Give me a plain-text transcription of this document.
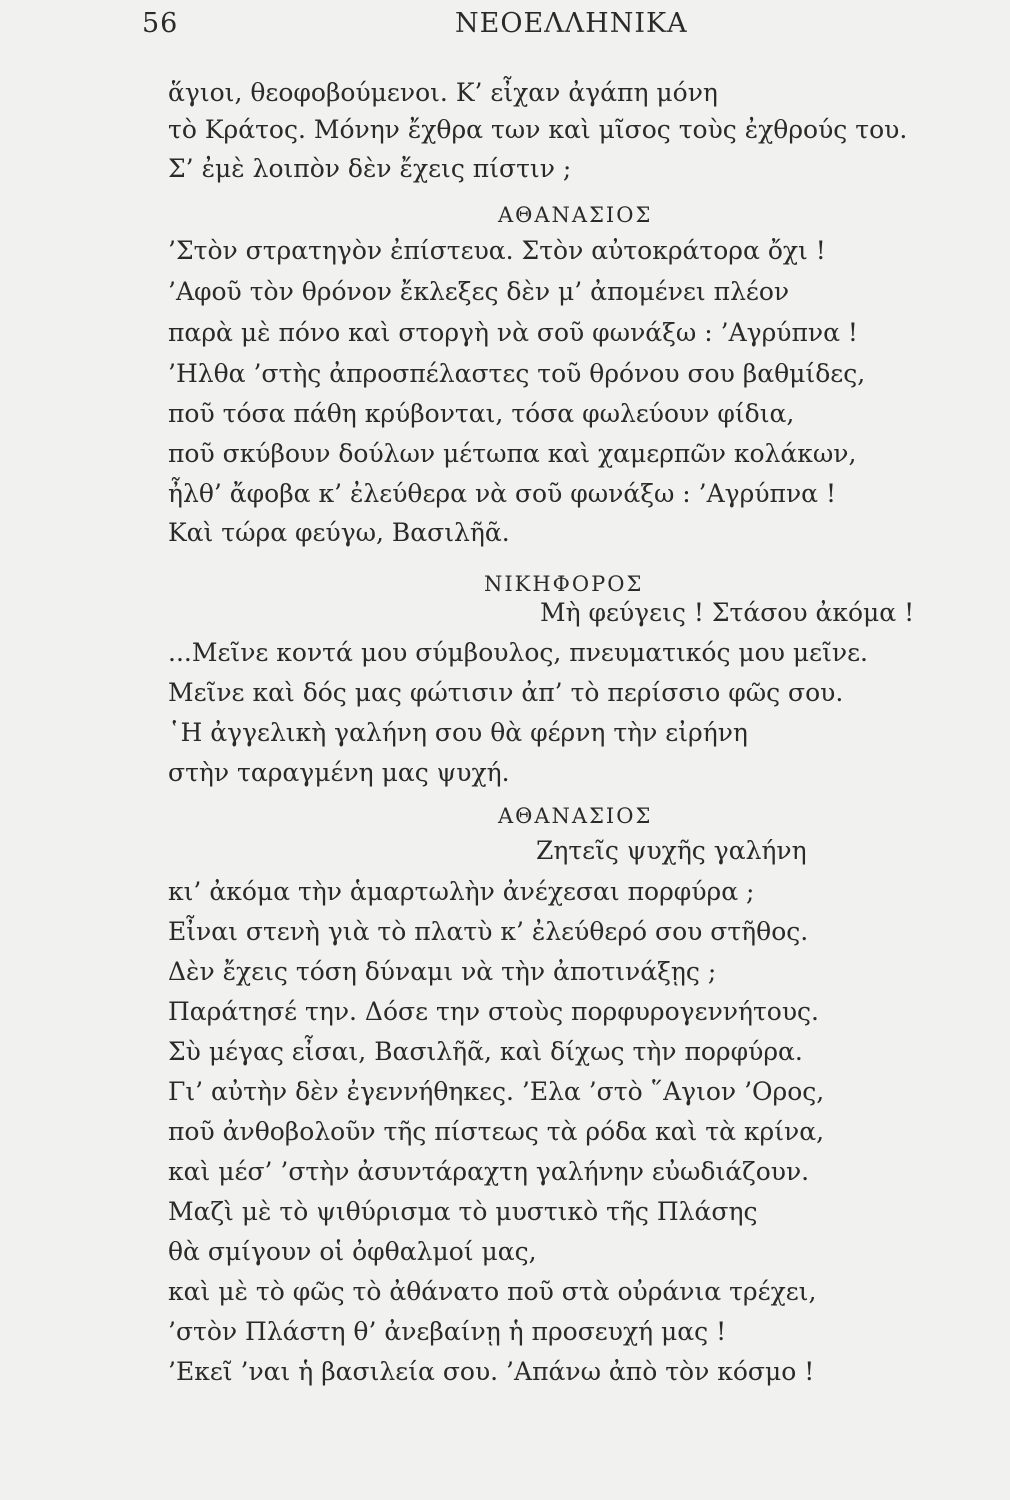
56	ΝΕΟΕΛΛΗΝΙΚΑ
ἅγιοι, θεοφοβούμενοι. Κ’ εἶχαν ἀγάπη μόνη
τὸ Κράτος. Μόνην ἔχθρα των καὶ μῖσος τοὺς ἐχθρούς του.
Σ’ ἐμὲ λοιπὸν δὲν ἔχεις πίστιν ;
ΑΘΑΝΑΣΙΟΣ
’Στὸν στρατηγὸν ἐπίστευα. Στὸν αὐτοκράτορα ὄχι !
’Αφοῦ τὸν θρόνον ἔκλεξες δὲν μ’ ἀπομένει πλέον
παρὰ μὲ πόνο καὶ στοργὴ νὰ σοῦ φωνάξω : ’Αγρύπνα !
’Ηλθα ’στὴς ἀπροσπέλαστες τοῦ θρόνου σου βαθμίδες,
ποῦ τόσα πάθη κρύβονται, τόσα φωλεύουν φίδια,
ποῦ σκύβουν δούλων μέτωπα καὶ χαμερπῶν κολάκων,
ἦλθ’ ἄφοβα κ’ ἐλεύθερα νὰ σοῦ φωνάξω : ’Αγρύπνα !
Καὶ τώρα φεύγω, Βασιλῆᾶ.
ΝΙΚΗΦΟΡΟΣ
Μὴ φεύγεις ! Στάσου ἀκόμα !
...Μεῖνε κοντά μου σύμβουλος, πνευματικός μου μεῖνε.
Μεῖνε καὶ δός μας φώτισιν ἀπ’ τὸ περίσσιο φῶς σου.
῾Η ἀγγελικὴ γαλήνη σου θὰ φέρνη τὴν εἰρήνη
στὴν ταραγμένη μας ψυχή.
ΑΘΑΝΑΣΙΟΣ
Ζητεῖς ψυχῆς γαλήνη
κι’ ἀκόμα τὴν ἁμαρτωλὴν ἀνέχεσαι πορφύρα ;
Εἶναι στενὴ γιὰ τὸ πλατὺ κ’ ἐλεύθερό σου στῆθος.
Δὲν ἔχεις τόση δύναμι νὰ τὴν ἀποτινάξῃς ;
Παράτησέ την. Δόσε την στοὺς πορφυρογεννήτους.
Σὺ μέγας εἶσαι, Βασιλῆᾶ, καὶ δίχως τὴν πορφύρα.
Γι’ αὐτὴν δὲν ἐγεννήθηκες. ’Ελα ’στὸ ῞Αγιον ’Ορος,
ποῦ ἀνθοβολοῦν τῆς πίστεως τὰ ρόδα καὶ τὰ κρίνα,
καὶ μέσ’ ’στὴν ἀσυντάραχτη γαλήνην εὐωδιάζουν.
Μαζὶ μὲ τὸ ψιθύρισμα τὸ μυστικὸ τῆς Πλάσης
θὰ σμίγουν οἱ ὀφθαλμοί μας,
καὶ μὲ τὸ φῶς τὸ ἀθάνατο ποῦ στὰ οὐράνια τρέχει,
’στὸν Πλάστη θ’ ἀνεβαίνῃ ἡ προσευχή μας !
’Εκεῖ ’ναι ἡ βασιλεία σου. ’Απάνω ἀπὸ τὸν κόσμο !
